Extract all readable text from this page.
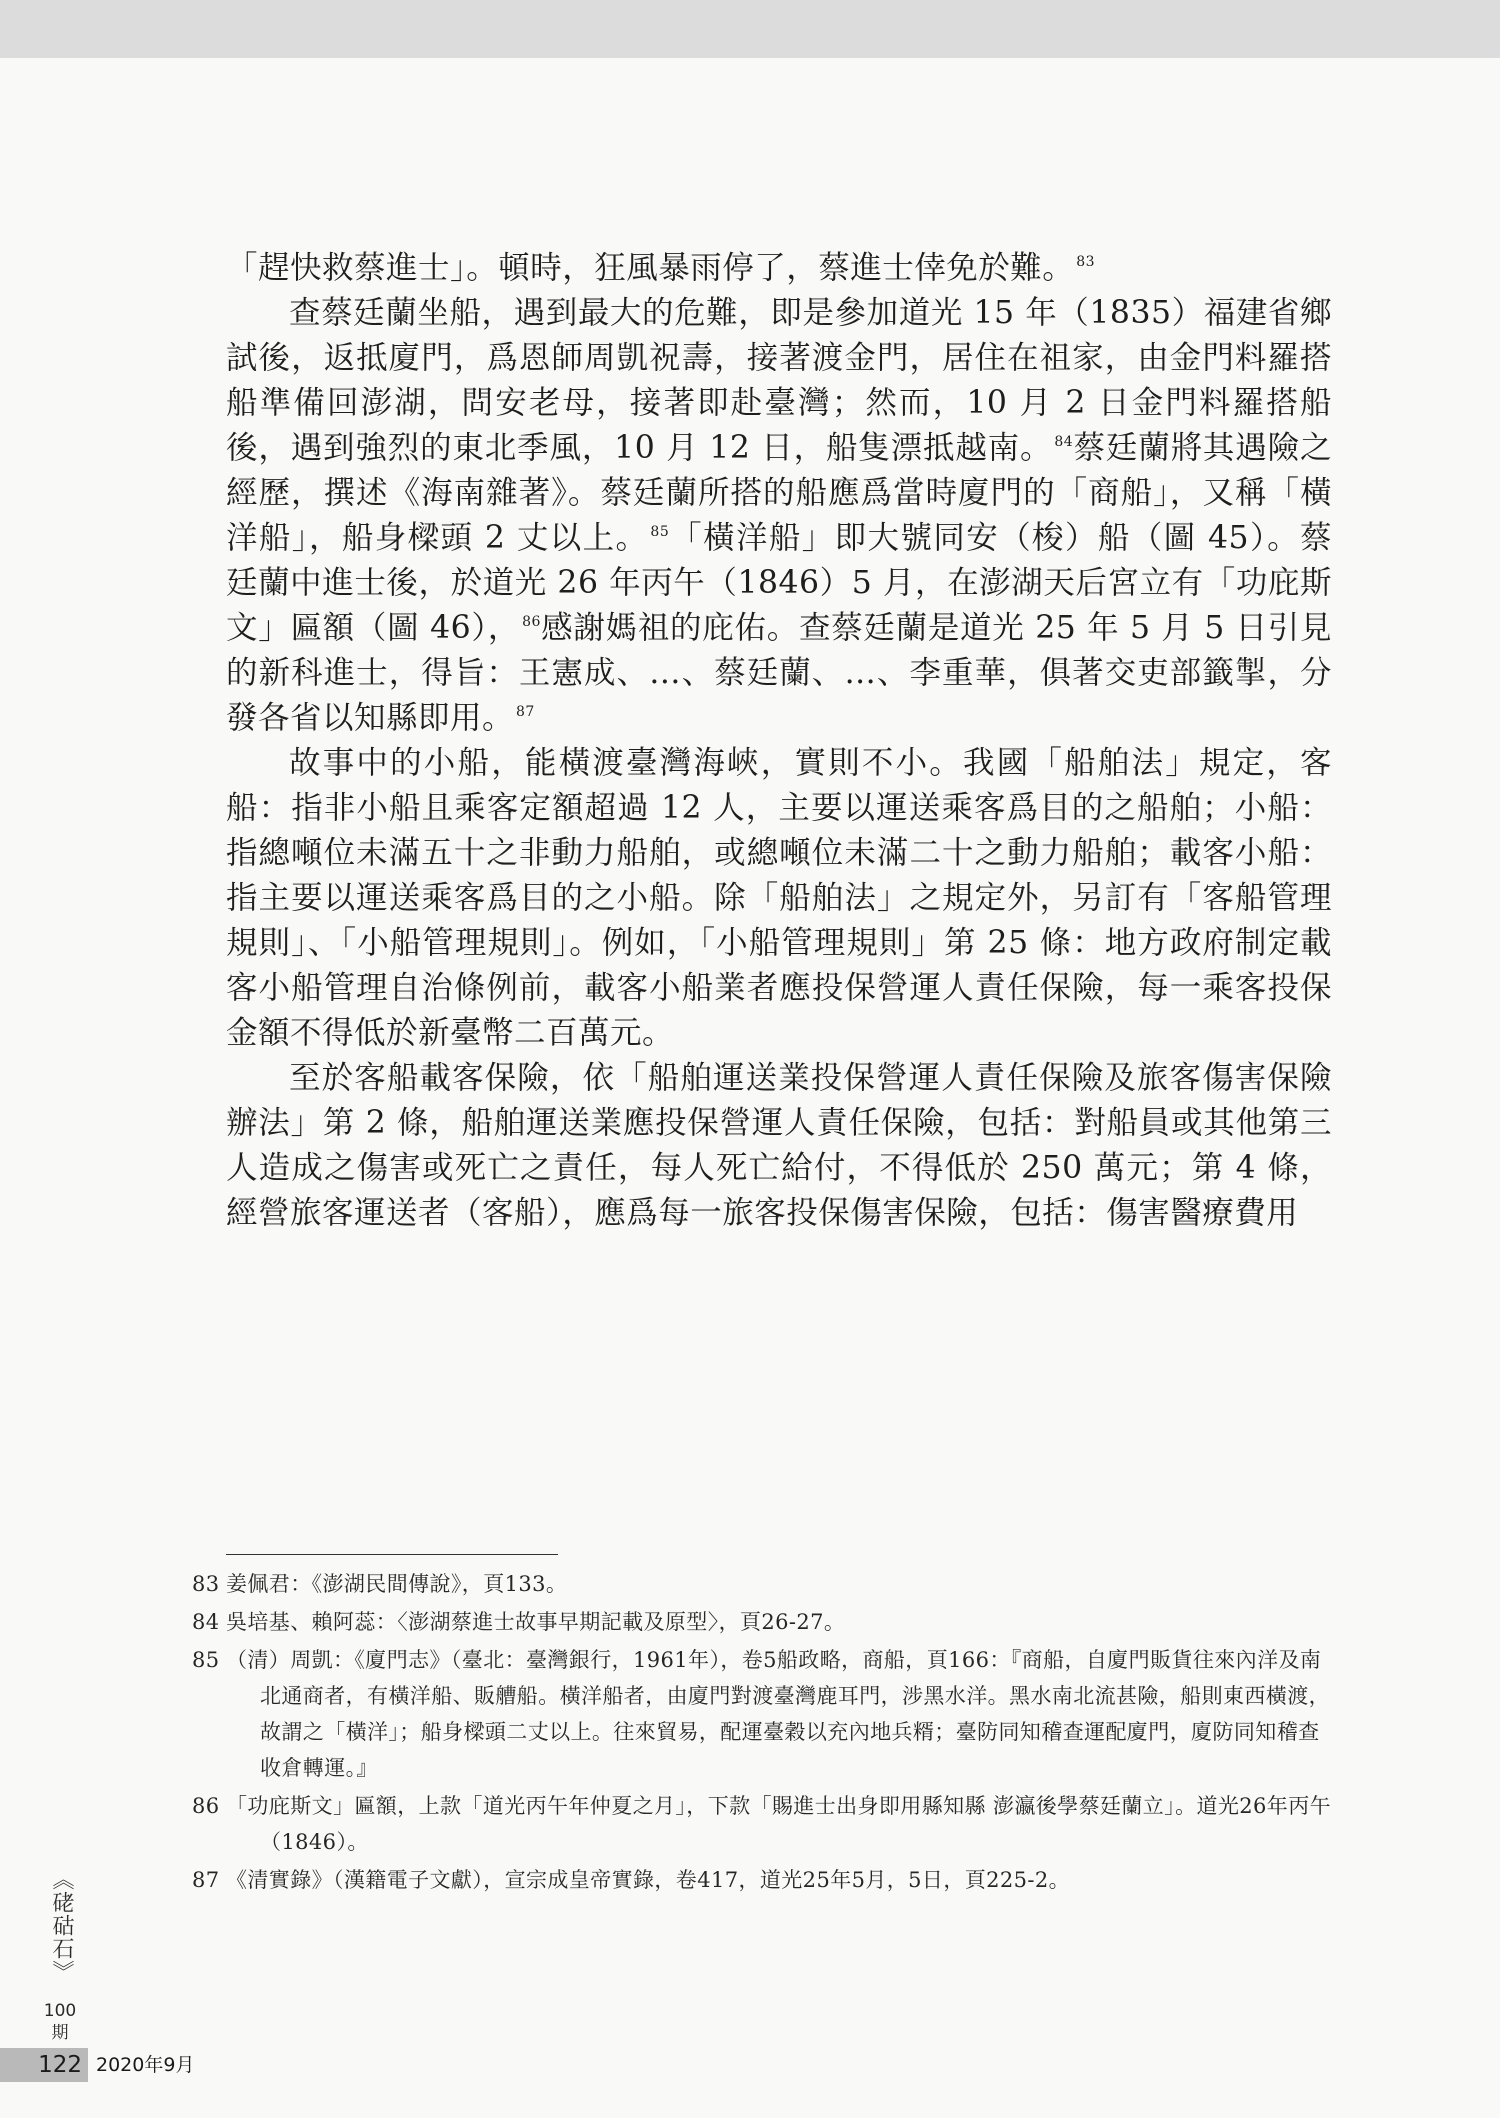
「趕快救蔡進士」。頓時，狂風暴雨停了，蔡進士倖免於難。 $^{83}$

查蔡廷蘭坐船，遇到最大的危難，即是參加道光 15 年（1835）福建省鄉試後，返抵廈門，爲恩師周凱祝壽，接著渡金門，居住在祖家，由金門料羅搭船準備回澎湖，問安老母，接著即赴臺灣；然而，10 月 2 日金門料羅搭船後，遇到強烈的東北季風，10 月 12 日，船隻漂抵越南。 $^{84}$蔡廷蘭將其遇險之經歷，撰述《海南雜著》。蔡廷蘭所搭的船應爲當時廈門的「商船」，又稱「橫洋船」，船身樑頭 2 丈以上。 $^{85}$「橫洋船」即大號同安（梭）船（圖 45）。蔡廷蘭中進士後，於道光 26 年丙午（1846）5 月，在澎湖天后宮立有「功庇斯文」匾額（圖 46）， $^{86}$感謝媽祖的庇佑。查蔡廷蘭是道光 25 年 5 月 5 日引見的新科進士，得旨：王憲成、…、蔡廷蘭、…、李重華，俱著交吏部籤掣，分發各省以知縣即用。 $^{87}$

故事中的小船，能橫渡臺灣海峽，實則不小。我國「船舶法」規定，客船：指非小船且乘客定額超過 12 人，主要以運送乘客爲目的之船舶；小船：指總噸位未滿五十之非動力船舶，或總噸位未滿二十之動力船舶；載客小船：指主要以運送乘客爲目的之小船。除「船舶法」之規定外，另訂有「客船管理規則」、「小船管理規則」。例如，「小船管理規則」第 25 條：地方政府制定載客小船管理自治條例前，載客小船業者應投保營運人責任保險，每一乘客投保金額不得低於新臺幣二百萬元。

至於客船載客保險，依「船舶運送業投保營運人責任保險及旅客傷害保險辦法」第 2 條，船舶運送業應投保營運人責任保險，包括：對船員或其他第三人造成之傷害或死亡之責任，每人死亡給付，不得低於 250 萬元；第 4 條，經營旅客運送者（客船），應爲每一旅客投保傷害保險，包括：傷害醫療費用

姜佩君：《澎湖民間傳說》，頁133。
吳培基、賴阿蕊：〈澎湖蔡進士故事早期記載及原型〉，頁26-27。
（清）周凱：《廈門志》（臺北：臺灣銀行，1961年），卷5船政略，商船，頁166：『商船，自廈門販貨往來內洋及南北通商者，有橫洋船、販艚船。橫洋船者，由廈門對渡臺灣鹿耳門，涉黑水洋。黑水南北流甚險，船則東西橫渡，故謂之「橫洋」；船身樑頭二丈以上。往來貿易，配運臺穀以充內地兵糈；臺防同知稽查運配廈門，廈防同知稽查收倉轉運。』
「功庇斯文」匾額，上款「道光丙午年仲夏之月」，下款「賜進士出身即用縣知縣 澎瀛後學蔡廷蘭立」。道光26年丙午（1846）。
《清實錄》（漢籍電子文獻），宣宗成皇帝實錄，卷417，道光25年5月，5日，頁225-2。
《硓𥑮石》
100期
122 2020年9月
